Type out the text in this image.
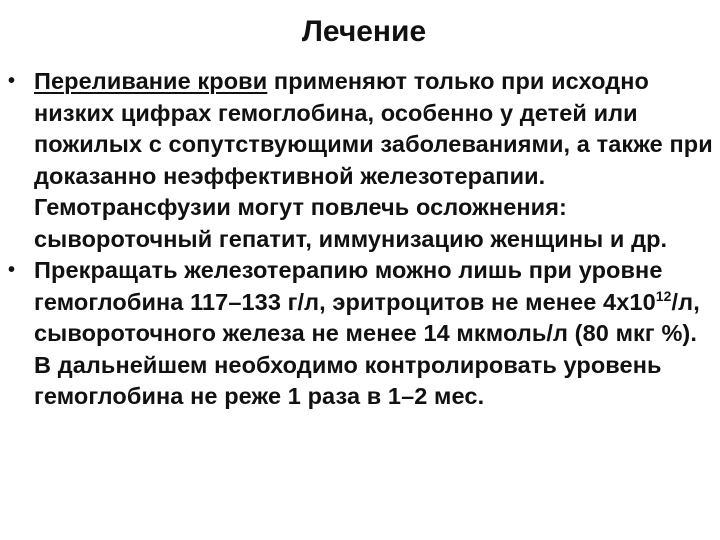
Лечение
• Переливание крови применяют только при исходно низких цифрах гемоглобина, особенно у детей или пожилых с сопутствующими заболеваниями, а также при доказанно неэффективной железотерапии. Гемотрансфузии могут повлечь осложнения: сывороточный гепатит, иммунизацию женщины и др.
• Прекращать железотерапию можно лишь при уровне гемоглобина 117–133 г/л, эритроцитов не менее $4х10^{12}/л$, сывороточного железа не менее 14 мкмоль/л (80 мкг %). В дальнейшем необходимо контролировать уровень гемоглобина не реже 1 раза в 1–2 мес.
